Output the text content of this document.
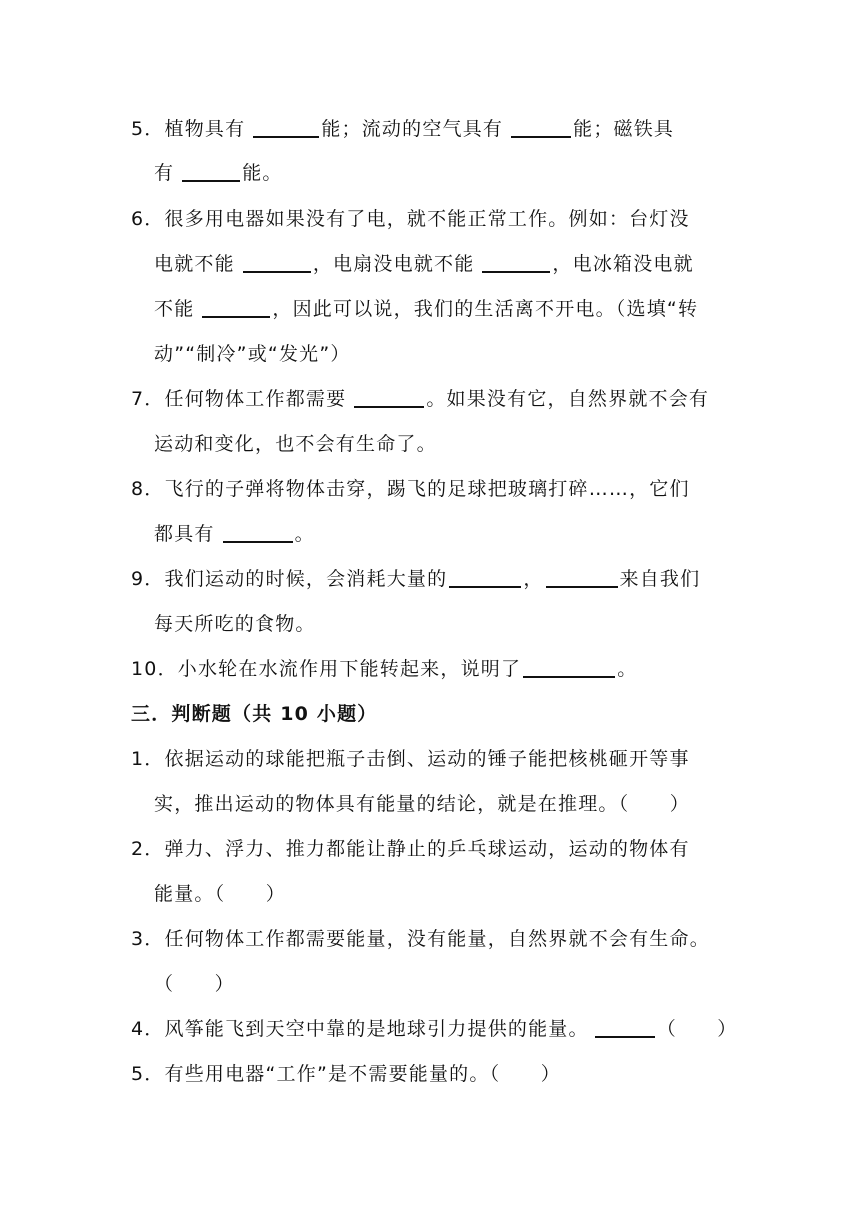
5．植物具有	能；流动的空气具有	能；磁铁具
有	能。
6．很多用电器如果没有了电，就不能正常工作。例如：台灯没
电就不能	，电扇没电就不能	，电冰箱没电就
不能	，因此可以说，我们的生活离不开电。（选填“转
动”“制冷”或“发光”）
7．任何物体工作都需要	。如果没有它，自然界就不会有
运动和变化，也不会有生命了。
8．飞行的子弹将物体击穿，踢飞的足球把玻璃打碎……，它们
都具有	。
9．我们运动的时候，会消耗大量的	，	来自我们
每天所吃的食物。
10．小水轮在水流作用下能转起来，说明了	。
三．判断题（共 10 小题）
1．依据运动的球能把瓶子击倒、运动的锤子能把核桃砸开等事
实，推出运动的物体具有能量的结论，就是在推理。（　　）
2．弹力、浮力、推力都能让静止的乒乓球运动，运动的物体有
能量。（　　）
3．任何物体工作都需要能量，没有能量，自然界就不会有生命。
（　　）
4．风筝能飞到天空中靠的是地球引力提供的能量。	（　　）
5．有些用电器“工作”是不需要能量的。（　　）
